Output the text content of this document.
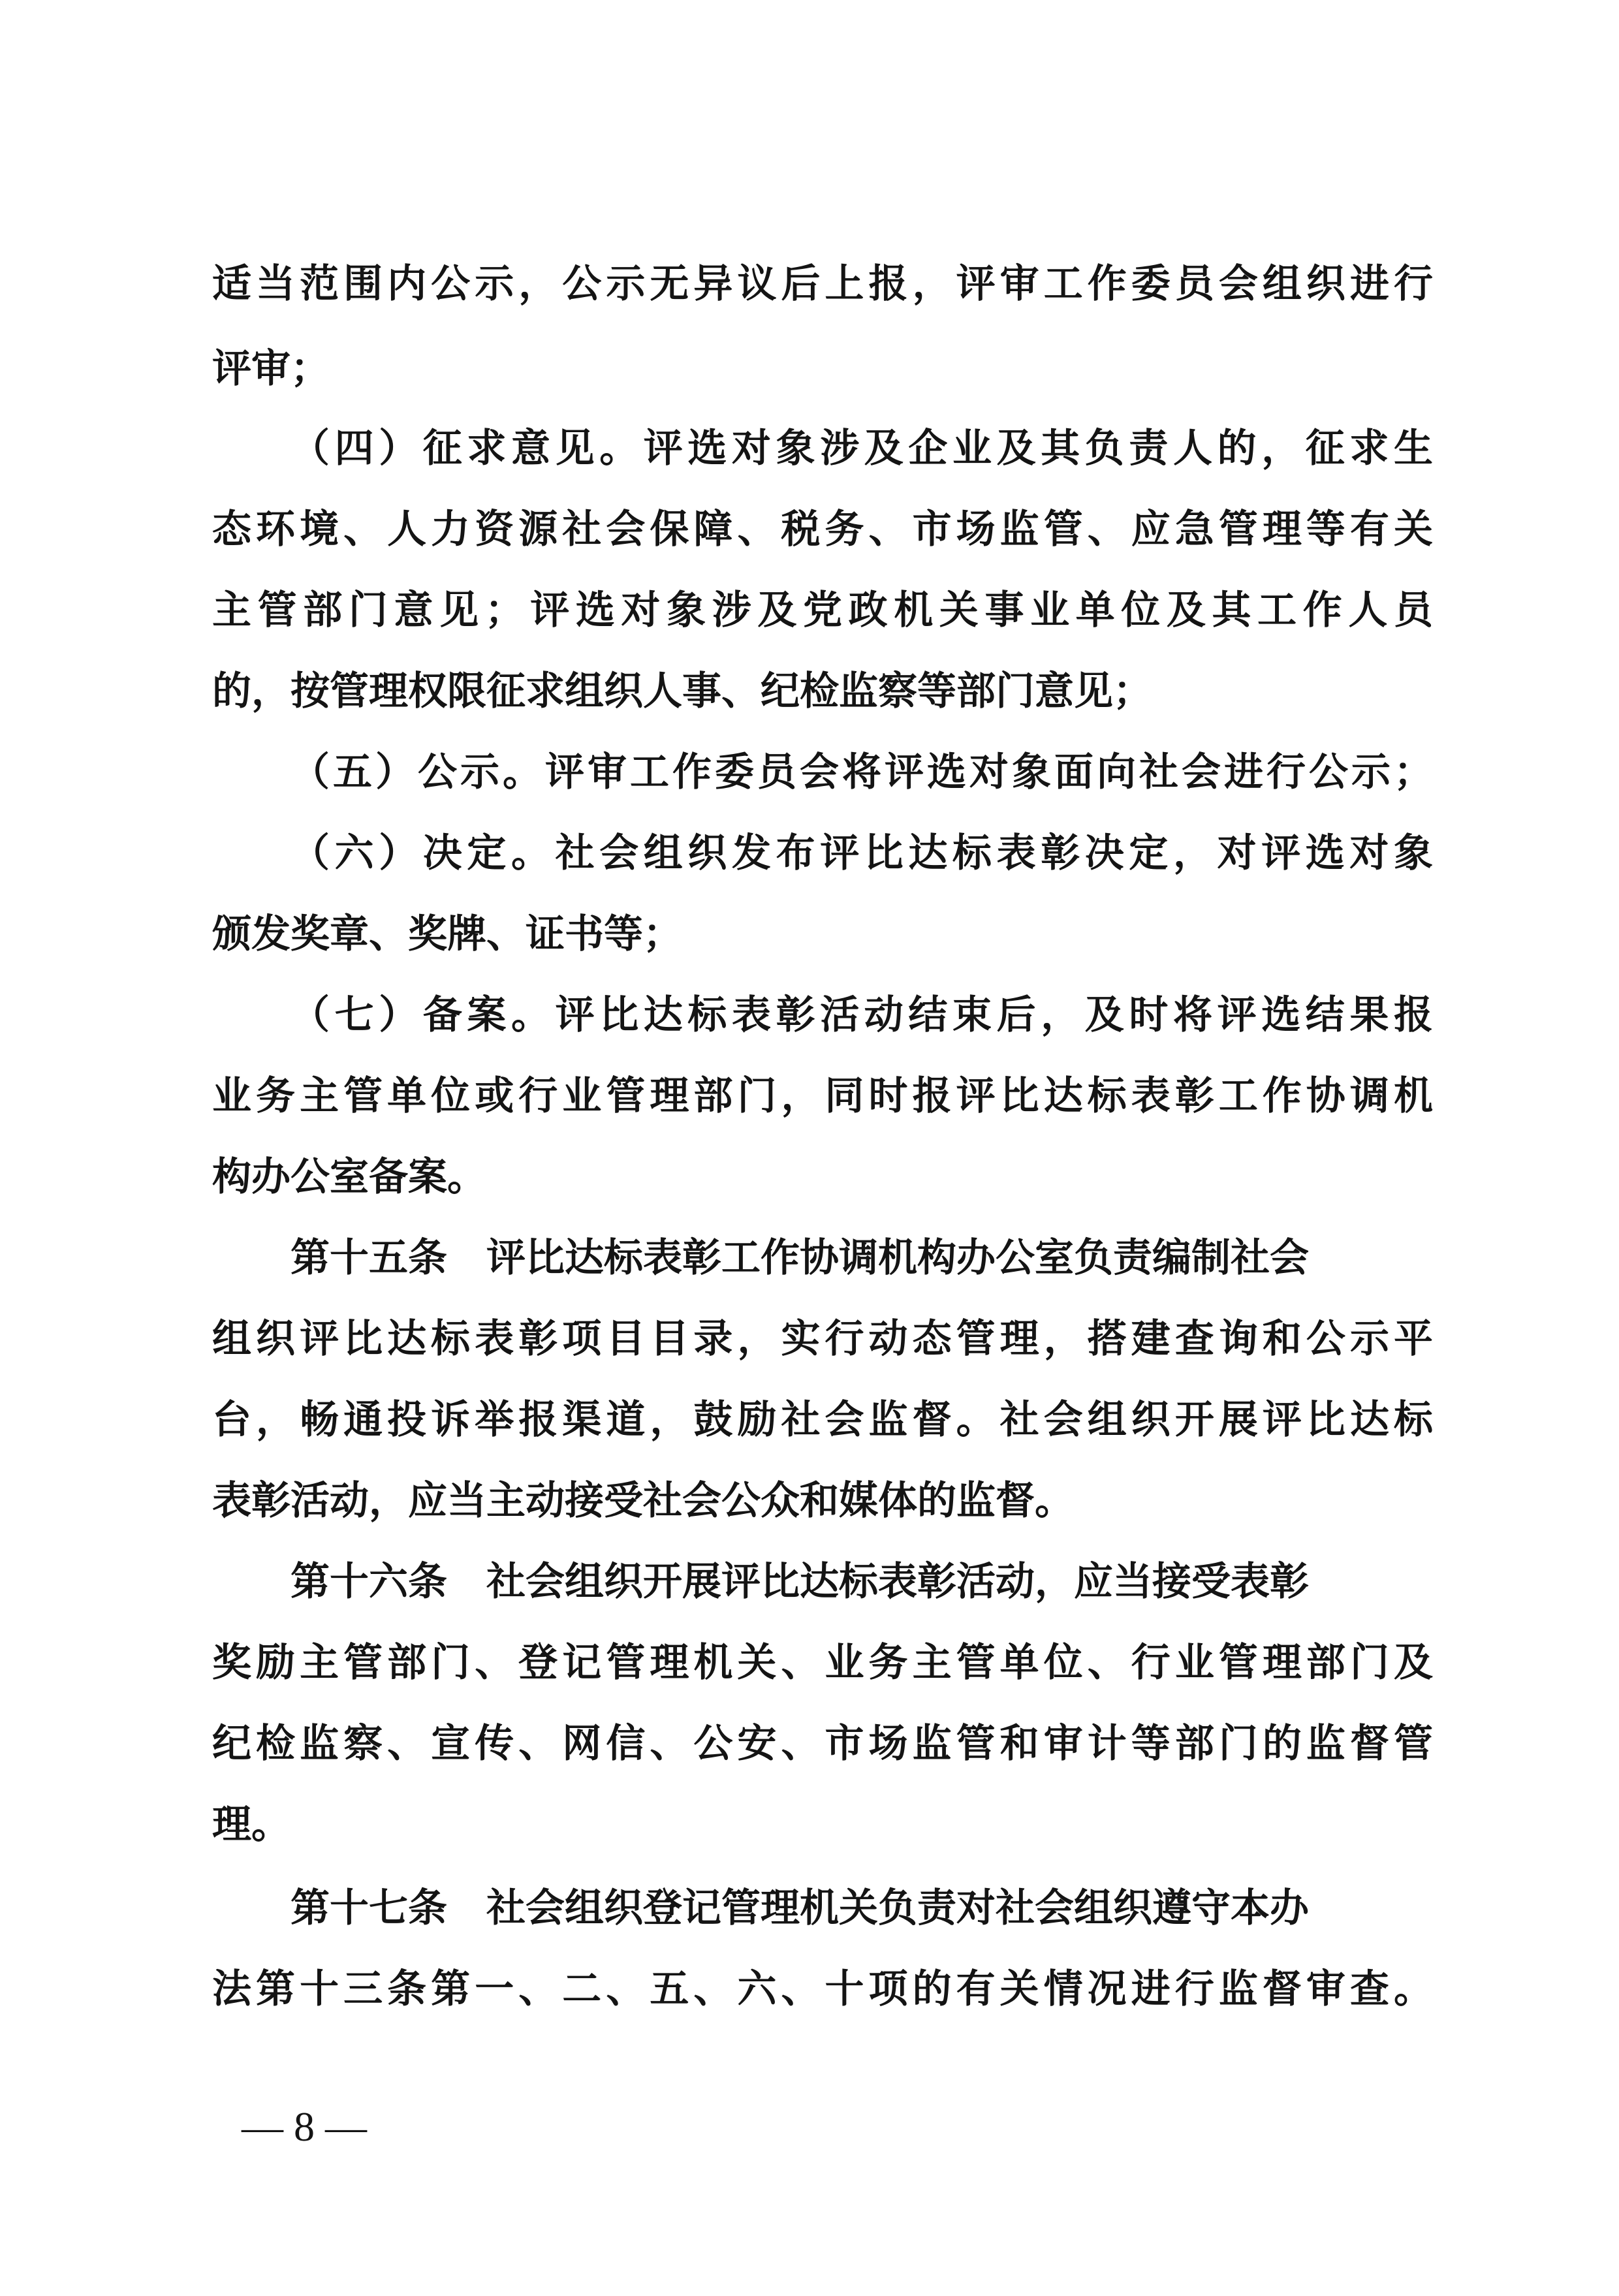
适当范围内公示，公示无异议后上报，评审工作委员会组织进行
评审；
（四）征求意见。评选对象涉及企业及其负责人的，征求生
态环境、人力资源社会保障、税务、市场监管、应急管理等有关
主管部门意见；评选对象涉及党政机关事业单位及其工作人员
的，按管理权限征求组织人事、纪检监察等部门意见；
（五）公示。评审工作委员会将评选对象面向社会进行公示；
（六）决定。社会组织发布评比达标表彰决定，对评选对象
颁发奖章、奖牌、证书等；
（七）备案。评比达标表彰活动结束后，及时将评选结果报
业务主管单位或行业管理部门，同时报评比达标表彰工作协调机
构办公室备案。
第十五条 评比达标表彰工作协调机构办公室负责编制社会
组织评比达标表彰项目目录，实行动态管理，搭建查询和公示平
台，畅通投诉举报渠道，鼓励社会监督。社会组织开展评比达标
表彰活动，应当主动接受社会公众和媒体的监督。
第十六条 社会组织开展评比达标表彰活动，应当接受表彰
奖励主管部门、登记管理机关、业务主管单位、行业管理部门及
纪检监察、宣传、网信、公安、市场监管和审计等部门的监督管
理。
第十七条 社会组织登记管理机关负责对社会组织遵守本办
法第十三条第一、二、五、六、十项的有关情况进行监督审查。
— 8 —
